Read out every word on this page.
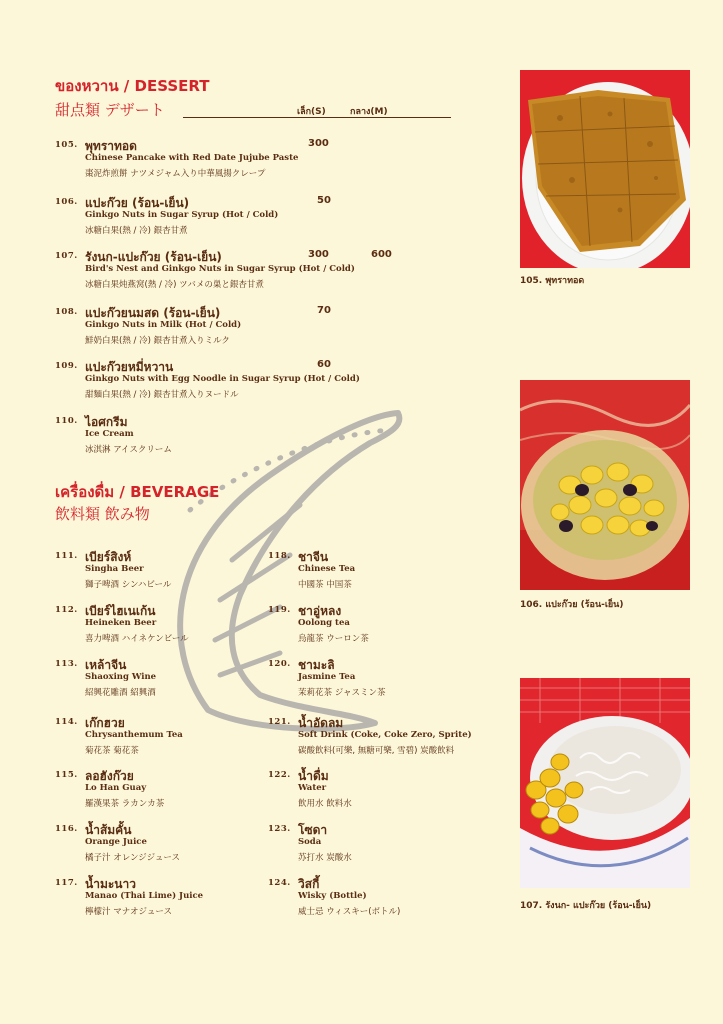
ของหวาน / DESSERT
甜点類 デザート	เล็ก(S)	กลาง(M)
105. พุทราทอด	300
Chinese Pancake with Red Date Jujube Paste
棗泥炸煎餅 ナツメジャム入り中華風揚クレープ
106. แปะก๊วย (ร้อน-เย็น)	50
Ginkgo Nuts in Sugar Syrup (Hot / Cold)
冰糖白果(熱 / 冷) 銀杏甘煮
107. รังนก-แปะก๊วย (ร้อน-เย็น)	300	600
Bird's Nest and Ginkgo Nuts in Sugar Syrup (Hot / Cold)
冰糖白果炖燕窝(熱 / 冷) ツバメの巣と銀杏甘煮
108. แปะก๊วยนมสด (ร้อน-เย็น)	70
Ginkgo Nuts in Milk (Hot / Cold)
鮮奶白果(熱 / 冷) 銀杏甘煮入りミルク
109. แปะก๊วยหมี่หวาน	60
Ginkgo Nuts with Egg Noodle in Sugar Syrup (Hot / Cold)
甜麵白果(熱 / 冷) 銀杏甘煮入りヌードル
110. ไอศกรีม
Ice Cream
冰淇淋 アイスクリーム
เครื่องดื่ม / BEVERAGE
飲料類 飲み物
111. เบียร์สิงห์
Singha Beer
獅子啤酒 シンハビール
112. เบียร์ไฮเนเก้น
Heineken Beer
喜力啤酒 ハイネケンビール
113. เหล้าจีน
Shaoxing Wine
紹興花雕酒 紹興酒
114. เก๊กฮวย
Chrysanthemum Tea
菊花茶 菊花茶
115. ลอฮังก๊วย
Lo Han Guay
羅漢果茶 ラカンカ茶
116. น้ำส้มคั้น
Orange Juice
橘子汁 オレンジジュース
117. น้ำมะนาว
Manao (Thai Lime) Juice
檸檬汁 マナオジュース
118. ชาจีน
Chinese Tea
中國茶 中国茶
119. ชาอู่หลง
Oolong tea
烏龍茶 ウーロン茶
120. ชามะลิ
Jasmine Tea
茉莉花茶 ジャスミン茶
121. น้ำอัดลม
Soft Drink (Coke, Coke Zero, Sprite)
碳酸飲料(可樂, 無糖可樂, 雪碧) 炭酸飲料
122. น้ำดื่ม
Water
飲用水 飲料水
123. โซดา
Soda
苏打水 炭酸水
124. วิสกี้
Wisky (Bottle)
威士忌 ウィスキー(ボトル)
105. พุทราทอด
106. แปะก๊วย (ร้อน-เย็น)
107. รังนก- แปะก๊วย (ร้อน-เย็น)
